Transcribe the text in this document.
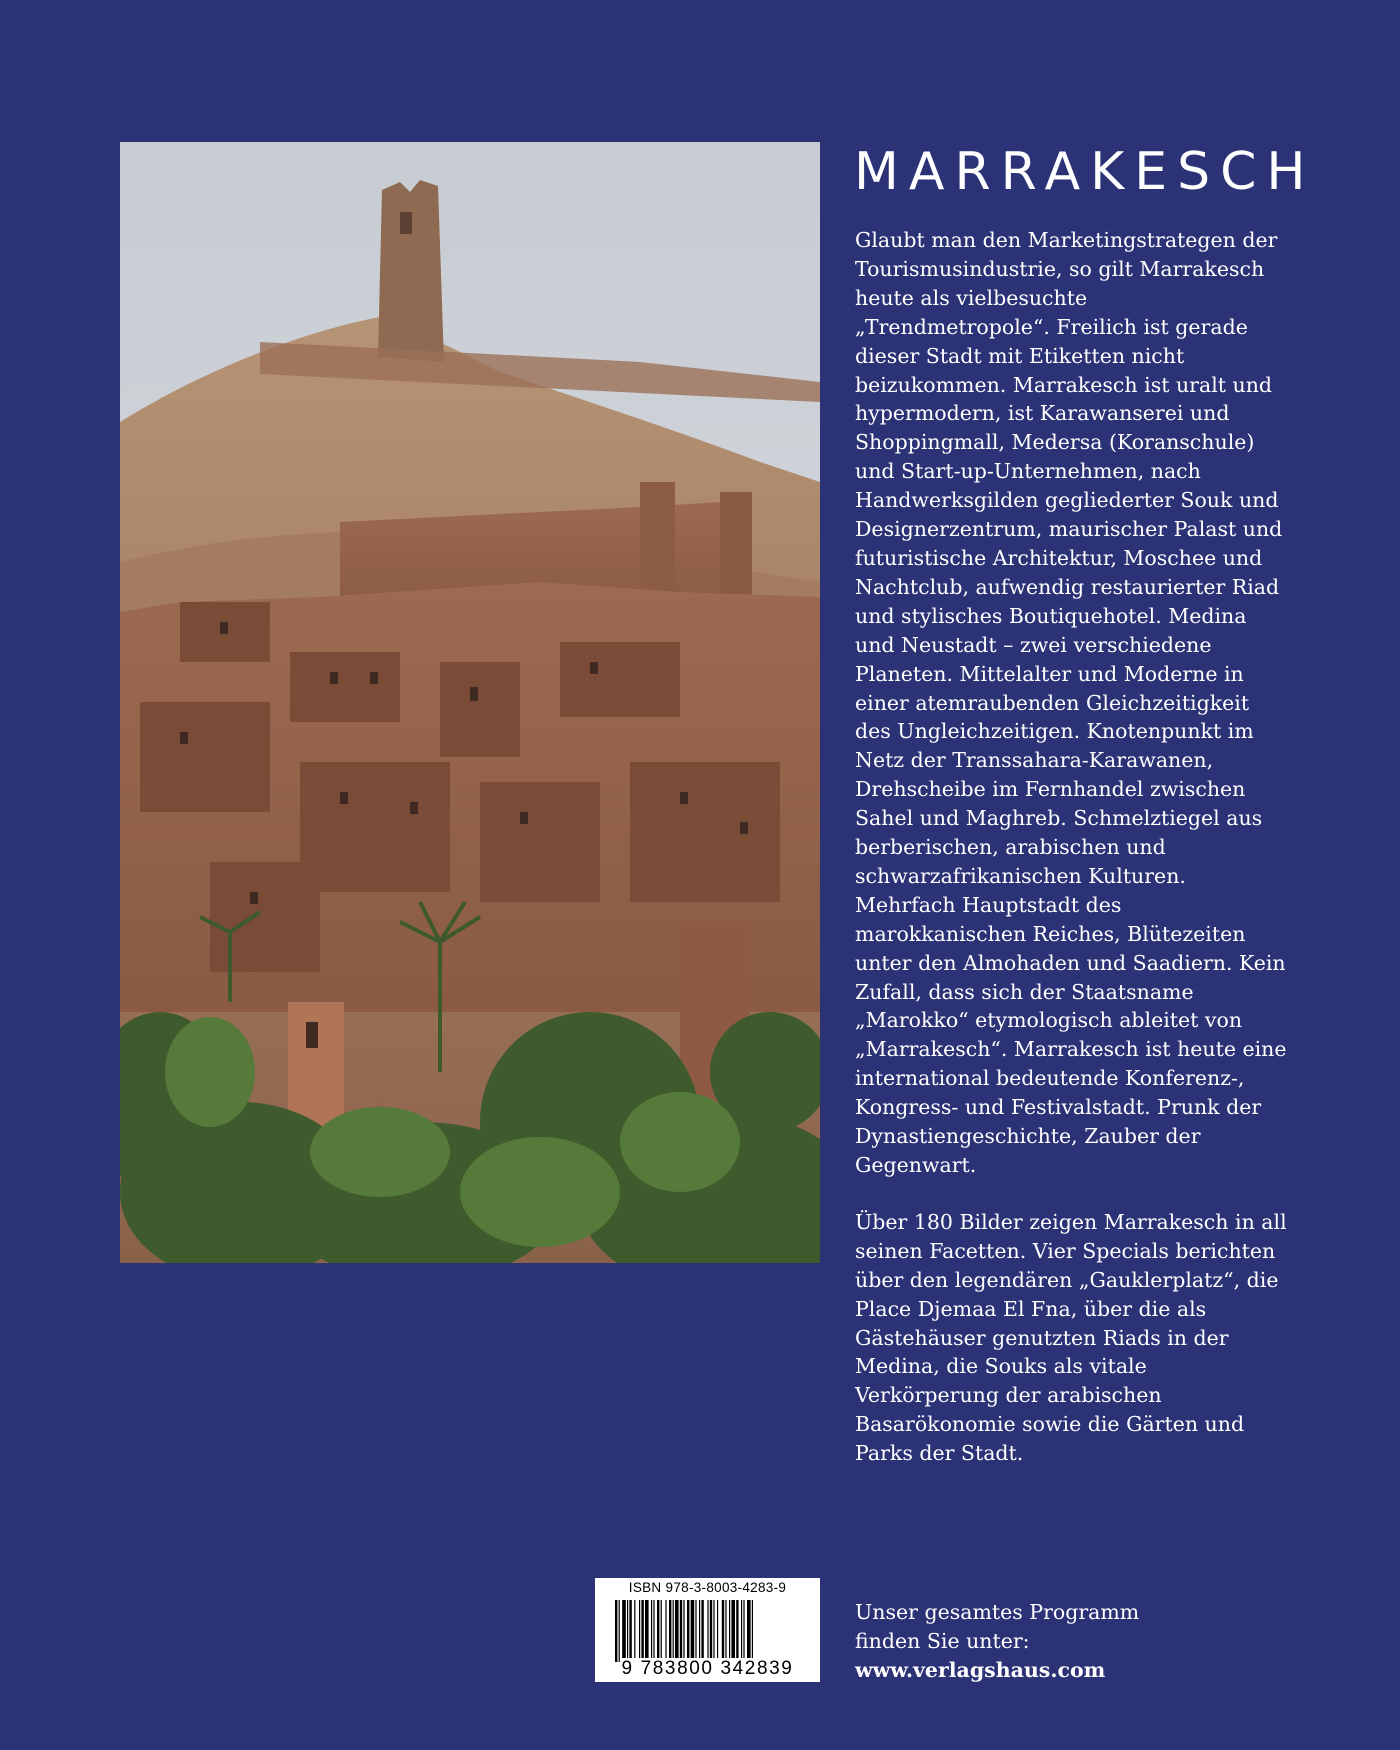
MARRAKESCH

Glaubt man den Marketingstrategen der Tourismusindustrie, so gilt Marrakesch heute als vielbesuchte „Trendmetropole“. Freilich ist gerade dieser Stadt mit Etiketten nicht beizukommen. Marrakesch ist uralt und hypermodern, ist Karawanserei und Shoppingmall, Medersa (Koranschule) und Start-up-Unternehmen, nach Handwerksgilden gegliederter Souk und Designerzentrum, maurischer Palast und futuristische Architektur, Moschee und Nachtclub, aufwendig restaurierter Riad und stylisches Boutiquehotel. Medina und Neustadt – zwei verschiedene Planeten. Mittelalter und Moderne in einer atemraubenden Gleichzeitigkeit des Ungleichzeitigen. Knotenpunkt im Netz der Transsahara-Karawanen, Drehscheibe im Fernhandel zwischen Sahel und Maghreb. Schmelztiegel aus berberischen, arabischen und schwarzafrikanischen Kulturen. Mehrfach Hauptstadt des marokkanischen Reiches, Blütezeiten unter den Almohaden und Saadiern. Kein Zufall, dass sich der Staatsname „Marokko“ etymologisch ableitet von „Marrakesch“. Marrakesch ist heute eine international bedeutende Konferenz-, Kongress- und Festivalstadt. Prunk der Dynastiengeschichte, Zauber der Gegenwart.

Über 180 Bilder zeigen Marrakesch in all seinen Facetten. Vier Specials berichten über den legendären „Gauklerplatz“, die Place Djemaa El Fna, über die als Gästehäuser genutzten Riads in der Medina, die Souks als vitale Verkörperung der arabischen Basarökonomie sowie die Gärten und Parks der Stadt.

ISBN 978-3-8003-4283-9
9 783800 342839
Unser gesamtes Programm
finden Sie unter:
www.verlagshaus.com
